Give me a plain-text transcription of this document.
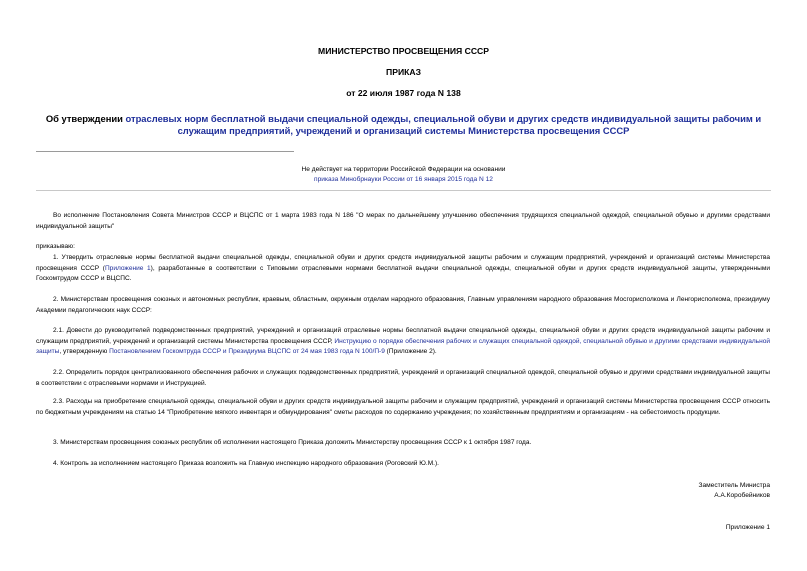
МИНИСТЕРСТВО ПРОСВЕЩЕНИЯ СССР
ПРИКАЗ
от 22 июля 1987 года N 138
Об утверждении отраслевых норм бесплатной выдачи специальной одежды, специальной обуви и других средств индивидуальной защиты рабочим и служащим предприятий, учреждений и организаций системы Министерства просвещения СССР
Не действует на территории Российской Федерации на основании
приказа Минобрнауки России от 16 января 2015 года N 12
Во исполнение Постановления Совета Министров СССР и ВЦСПС от 1 марта 1983 года N 186 "О мерах по дальнейшему улучшению обеспечения трудящихся специальной одеждой, специальной обувью и другими средствами индивидуальной защиты"
приказываю:
1. Утвердить отраслевые нормы бесплатной выдачи специальной одежды, специальной обуви и других средств индивидуальной защиты рабочим и служащим предприятий, учреждений и организаций системы Министерства просвещения СССР (Приложение 1), разработанные в соответствии с Типовыми отраслевыми нормами бесплатной выдачи специальной одежды, специальной обуви и других средств индивидуальной защиты, утвержденными Госкомтрудом СССР и ВЦСПС.
2. Министерствам просвещения союзных и автономных республик, краевым, областным, окружным отделам народного образования, Главным управлениям народного образования Мосгорисполкома и Ленгорисполкома, президиуму Академии педагогических наук СССР:
2.1. Довести до руководителей подведомственных предприятий, учреждений и организаций отраслевые нормы бесплатной выдачи специальной одежды, специальной обуви и других средств индивидуальной защиты рабочим и служащим предприятий, учреждений и организаций системы Министерства просвещения СССР, Инструкцию о порядке обеспечения рабочих и служащих специальной одеждой, специальной обувью и другими средствами индивидуальной защиты, утвержденную Постановлением Госкомтруда СССР и Президиума ВЦСПС от 24 мая 1983 года N 100/П-9 (Приложение 2).
2.2. Определить порядок централизованного обеспечения рабочих и служащих подведомственных предприятий, учреждений и организаций специальной одеждой, специальной обувью и другими средствами индивидуальной защиты в соответствии с отраслевыми нормами и Инструкцией.
2.3. Расходы на приобретение специальной одежды, специальной обуви и других средств индивидуальной защиты рабочим и служащим предприятий, учреждений и организаций системы Министерства просвещения СССР относить по бюджетным учреждениям на статью 14 "Приобретение мягкого инвентаря и обмундирования" сметы расходов по содержанию учреждения; по хозяйственным предприятиям и организациям - на себестоимость продукции.
3. Министерствам просвещения союзных республик об исполнении настоящего Приказа доложить Министерству просвещения СССР к 1 октября 1987 года.
4. Контроль за исполнением настоящего Приказа возложить на Главную инспекцию народного образования (Роговский Ю.М.).
Заместитель Министра
А.А.Коробейников
Приложение 1
